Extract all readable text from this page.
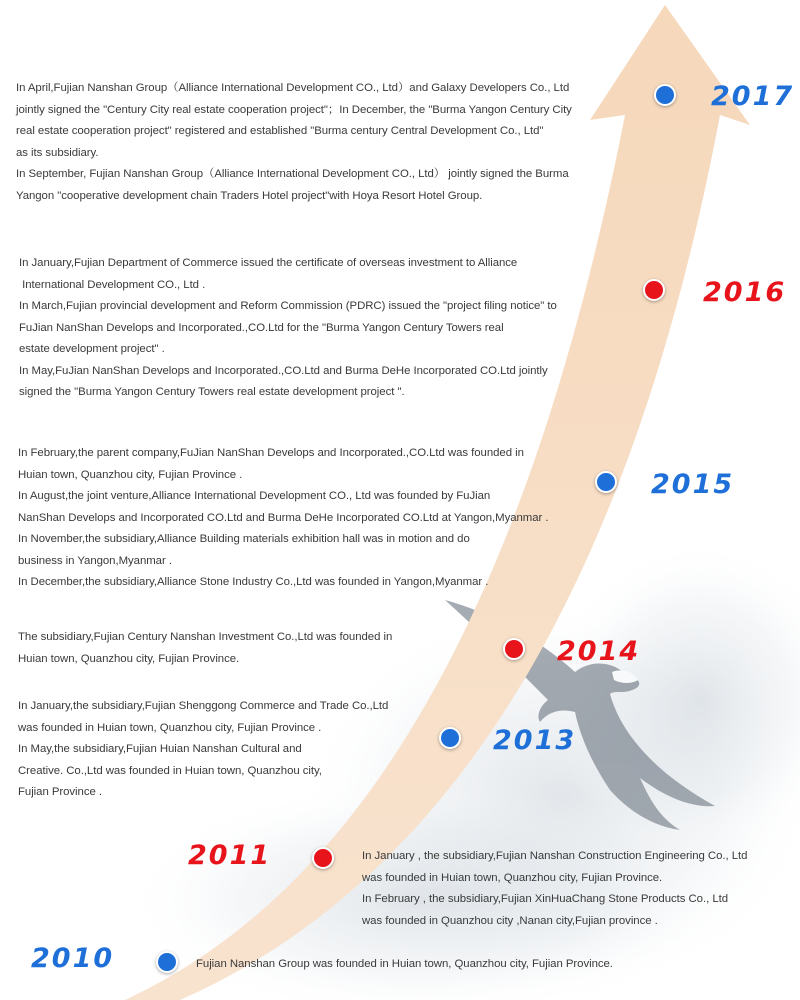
2017
2016
2015
2014
2013
2011
2010
In April,Fujian Nanshan Group（Alliance International Development CO., Ltd）and Galaxy Developers Co., Ltd
jointly signed the "Century City real estate cooperation project"；In December, the "Burma Yangon Century City
real estate cooperation project" registered and established "Burma century Central Development Co., Ltd"
as its subsidiary.
In September, Fujian Nanshan Group（Alliance International Development CO., Ltd） jointly signed the Burma
Yangon "cooperative development chain Traders Hotel project"with Hoya Resort Hotel Group.
In January,Fujian Department of Commerce issued the certificate of overseas investment to Alliance
International Development CO., Ltd .
In March,Fujian provincial development and Reform Commission (PDRC) issued the "project filing notice" to
FuJian NanShan Develops and Incorporated.,CO.Ltd for the "Burma Yangon Century Towers real
estate development project" .
In May,FuJian NanShan Develops and Incorporated.,CO.Ltd and Burma DeHe Incorporated CO.Ltd jointly
signed the "Burma Yangon Century Towers real estate development project ".
In February,the parent company,FuJian NanShan Develops and Incorporated.,CO.Ltd was founded in
Huian town, Quanzhou city, Fujian Province .
In August,the joint venture,Alliance International Development CO., Ltd was founded by FuJian
NanShan Develops and Incorporated CO.Ltd and Burma DeHe Incorporated CO.Ltd at Yangon,Myanmar .
In November,the subsidiary,Alliance Building materials exhibition hall was in motion and do
business in Yangon,Myanmar .
In December,the subsidiary,Alliance Stone Industry Co.,Ltd was founded in Yangon,Myanmar .
The subsidiary,Fujian Century Nanshan Investment Co.,Ltd was founded in
Huian town, Quanzhou city, Fujian Province.
In January,the subsidiary,Fujian Shenggong Commerce and Trade Co.,Ltd
was founded in Huian town, Quanzhou city, Fujian Province .
In May,the subsidiary,Fujian Huian Nanshan Cultural and
Creative. Co.,Ltd was founded in Huian town, Quanzhou city,
Fujian Province .
In January , the subsidiary,Fujian Nanshan Construction Engineering Co., Ltd
was founded in Huian town, Quanzhou city, Fujian Province.
In February , the subsidiary,Fujian XinHuaChang Stone Products Co., Ltd
was founded in Quanzhou city ,Nanan city,Fujian province .
Fujian Nanshan Group was founded in Huian town, Quanzhou city, Fujian Province.
